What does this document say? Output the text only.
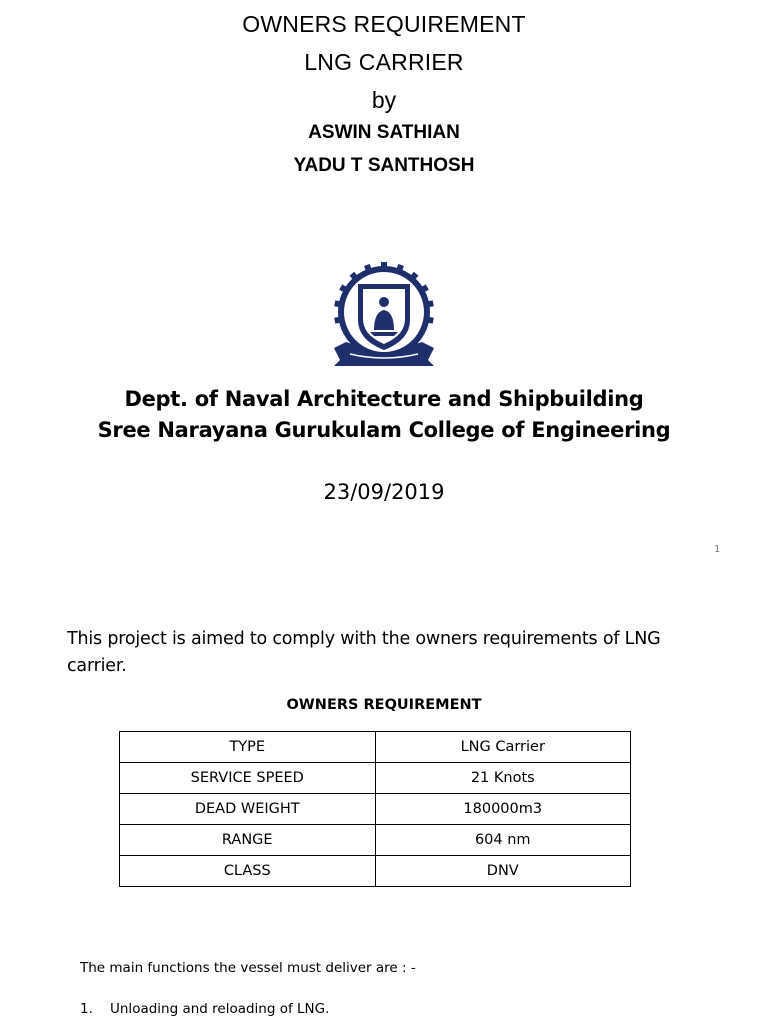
OWNERS REQUIREMENT
LNG CARRIER
by
ASWIN SATHIAN
YADU T SANTHOSH
Dept. of Naval Architecture and Shipbuilding
Sree Narayana Gurukulam College of Engineering
23/09/2019
1
This project is aimed to comply with the owners requirements of LNG carrier.
OWNERS REQUIREMENT
TYPE	LNG Carrier
SERVICE SPEED	21 Knots
DEAD WEIGHT	180000m3
RANGE	604 nm
CLASS	DNV
The main functions the vessel must deliver are : -
1. Unloading and reloading of LNG.
